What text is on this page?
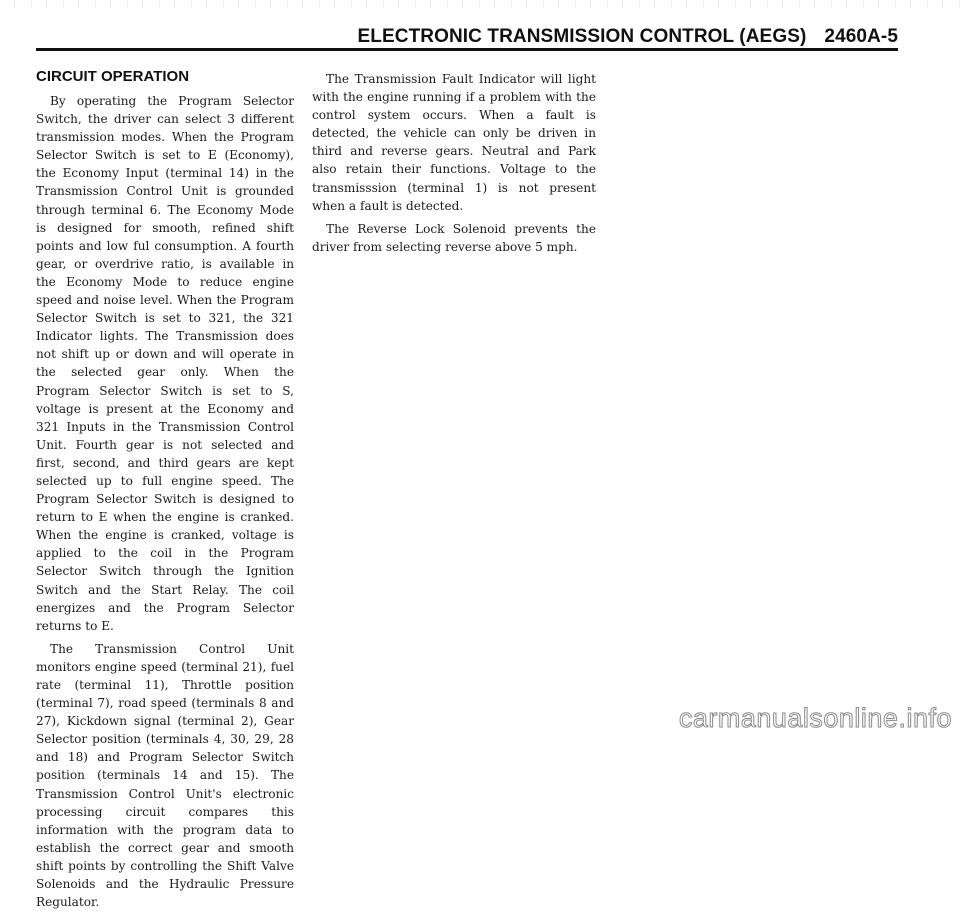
ELECTRONIC TRANSMISSION CONTROL (AEGS) 2460A-5
CIRCUIT OPERATION

By operating the Program Selector Switch, the driver can select 3 different transmission modes. When the Program Selector Switch is set to E (Economy), the Economy Input (terminal 14) in the Transmission Control Unit is grounded through terminal 6. The Economy Mode is designed for smooth, refined shift points and low ful consumption. A fourth gear, or overdrive ratio, is available in the Economy Mode to reduce engine speed and noise level. When the Program Selector Switch is set to 321, the 321 Indicator lights. The Transmission does not shift up or down and will operate in the selected gear only. When the Program Selector Switch is set to S, voltage is present at the Economy and 321 Inputs in the Transmission Control Unit. Fourth gear is not selected and first, second, and third gears are kept selected up to full engine speed. The Program Selector Switch is designed to return to E when the engine is cranked. When the engine is cranked, voltage is applied to the coil in the Program Selector Switch through the Ignition Switch and the Start Relay. The coil energizes and the Program Selector returns to E.

The Transmission Control Unit monitors engine speed (terminal 21), fuel rate (terminal 11), Throttle position (terminal 7), road speed (terminals 8 and 27), Kickdown signal (terminal 2), Gear Selector position (terminals 4, 30, 29, 28 and 18) and Program Selector Switch position (terminals 14 and 15). The Transmission Control Unit's electronic processing circuit compares this information with the program data to establish the correct gear and smooth shift points by controlling the Shift Valve Solenoids and the Hydraulic Pressure Regulator.

The Transmission Fault Indicator will light with the engine running if a problem with the control system occurs. When a fault is detected, the vehicle can only be driven in third and reverse gears. Neutral and Park also retain their functions. Voltage to the transmisssion (terminal 1) is not present when a fault is detected.

The Reverse Lock Solenoid prevents the driver from selecting reverse above 5 mph.

carmanualsonline.info
